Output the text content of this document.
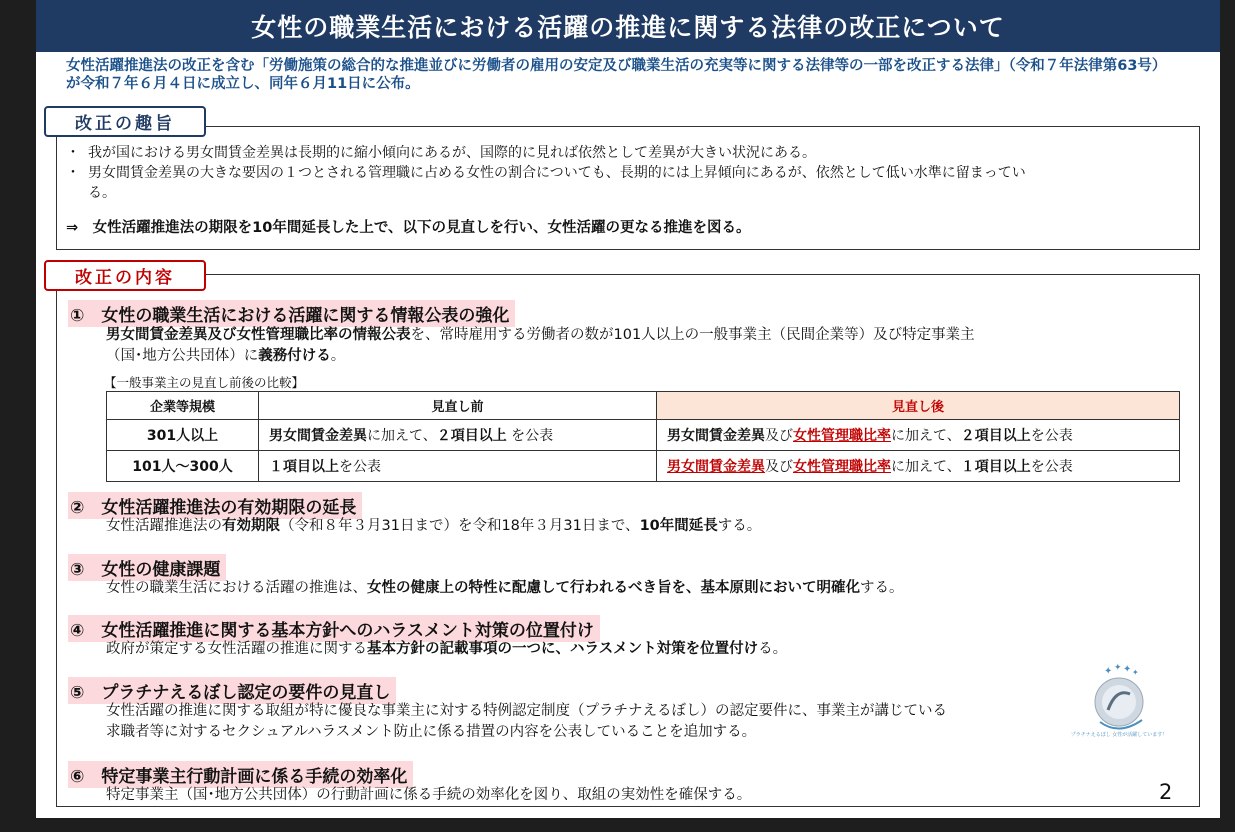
女性の職業生活における活躍の推進に関する法律の改正について
女性活躍推進法の改正を含む「労働施策の総合的な推進並びに労働者の雇用の安定及び職業生活の充実等に関する法律等の一部を改正する法律」（令和７年法律第63号）が令和７年６月４日に成立し、同年６月11日に公布。
改正の趣旨
・ 我が国における男女間賃金差異は長期的に縮小傾向にあるが、国際的に見れば依然として差異が大きい状況にある。
・ 男女間賃金差異の大きな要因の１つとされる管理職に占める女性の割合についても、長期的には上昇傾向にあるが、依然として低い水準に留まっている。
⇒　女性活躍推進法の期限を10年間延長した上で、以下の見直しを行い、女性活躍の更なる推進を図る。
改正の内容
①　女性の職業生活における活躍に関する情報公表の強化
男女間賃金差異及び女性管理職比率の情報公表を、常時雇用する労働者の数が101人以上の一般事業主（民間企業等）及び特定事業主
（国･地方公共団体）に義務付ける。
【一般事業主の見直し前後の比較】
企業等規模	見直し前	見直し後
301人以上	男女間賃金差異に加えて、２項目以上 を公表	男女間賃金差異及び女性管理職比率に加えて、２項目以上を公表
101人～300人	１項目以上を公表	男女間賃金差異及び女性管理職比率に加えて、１項目以上を公表
②　女性活躍推進法の有効期限の延長
女性活躍推進法の有効期限（令和８年３月31日まで）を令和18年３月31日まで、10年間延長する。
③　女性の健康課題
女性の職業生活における活躍の推進は、女性の健康上の特性に配慮して行われるべき旨を、基本原則において明確化する。
④　女性活躍推進に関する基本方針へのハラスメント対策の位置付け
政府が策定する女性活躍の推進に関する基本方針の記載事項の一つに、ハラスメント対策を位置付ける。
⑤　プラチナえるぼし認定の要件の見直し
女性活躍の推進に関する取組が特に優良な事業主に対する特例認定制度（プラチナえるぼし）の認定要件に、事業主が講じている
求職者等に対するセクシュアルハラスメント防止に係る措置の内容を公表していることを追加する。
⑥　特定事業主行動計画に係る手続の効率化
特定事業主（国･地方公共団体）の行動計画に係る手続の効率化を図り、取組の実効性を確保する。
✦ ✦ ✦ ✦
プラチナえるぼし 女性が活躍しています！
2
